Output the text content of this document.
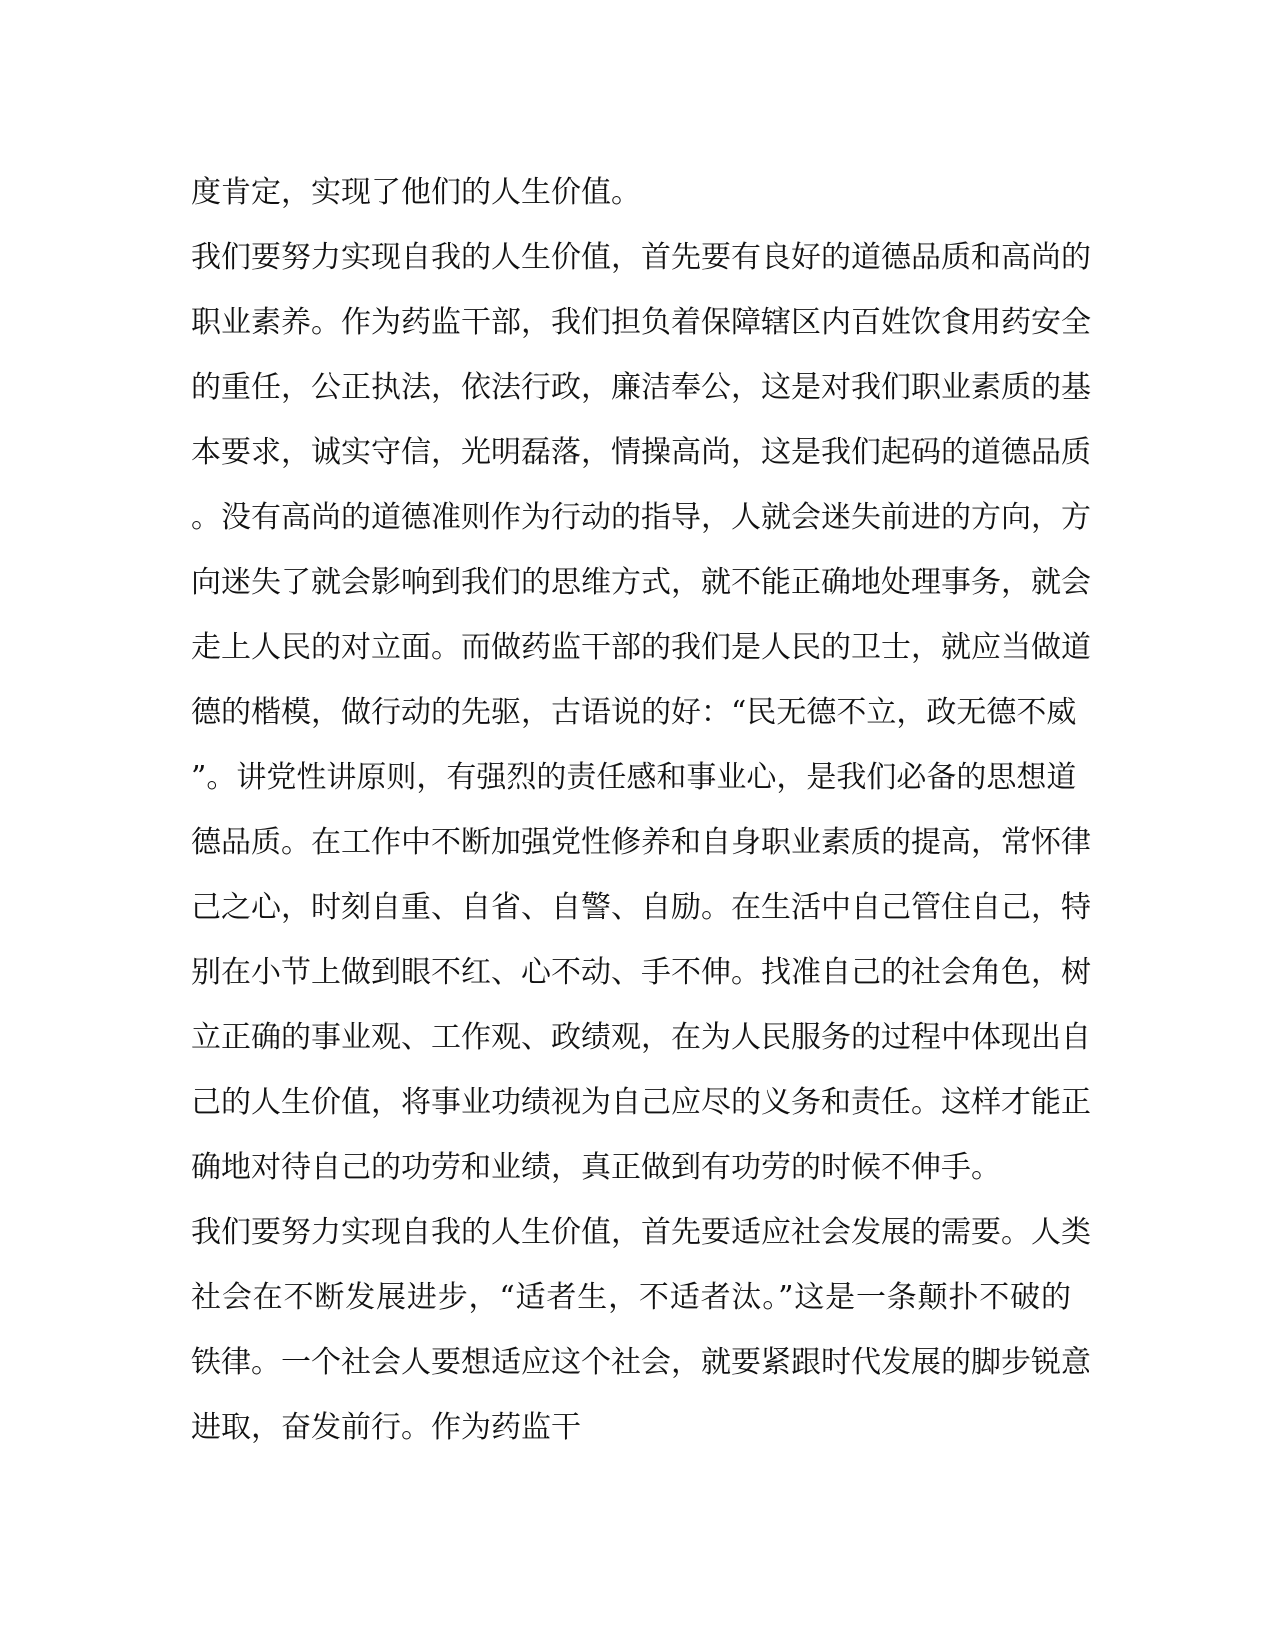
度肯定，实现了他们的人生价值。
我们要努力实现自我的人生价值，首先要有良好的道德品质和高尚的
职业素养。作为药监干部，我们担负着保障辖区内百姓饮食用药安全
的重任，公正执法，依法行政，廉洁奉公，这是对我们职业素质的基
本要求，诚实守信，光明磊落，情操高尚，这是我们起码的道德品质
。没有高尚的道德准则作为行动的指导，人就会迷失前进的方向，方
向迷失了就会影响到我们的思维方式，就不能正确地处理事务，就会
走上人民的对立面。而做药监干部的我们是人民的卫士，就应当做道
德的楷模，做行动的先驱，古语说的好：“民无德不立，政无德不威
”。讲党性讲原则，有强烈的责任感和事业心，是我们必备的思想道
德品质。在工作中不断加强党性修养和自身职业素质的提高，常怀律
己之心，时刻自重、自省、自警、自励。在生活中自己管住自己，特
别在小节上做到眼不红、心不动、手不伸。找准自己的社会角色，树
立正确的事业观、工作观、政绩观，在为人民服务的过程中体现出自
己的人生价值，将事业功绩视为自己应尽的义务和责任。这样才能正
确地对待自己的功劳和业绩，真正做到有功劳的时候不伸手。
我们要努力实现自我的人生价值，首先要适应社会发展的需要。人类
社会在不断发展进步，“适者生，不适者汰。”这是一条颠扑不破的
铁律。一个社会人要想适应这个社会，就要紧跟时代发展的脚步锐意
进取，奋发前行。作为药监干
